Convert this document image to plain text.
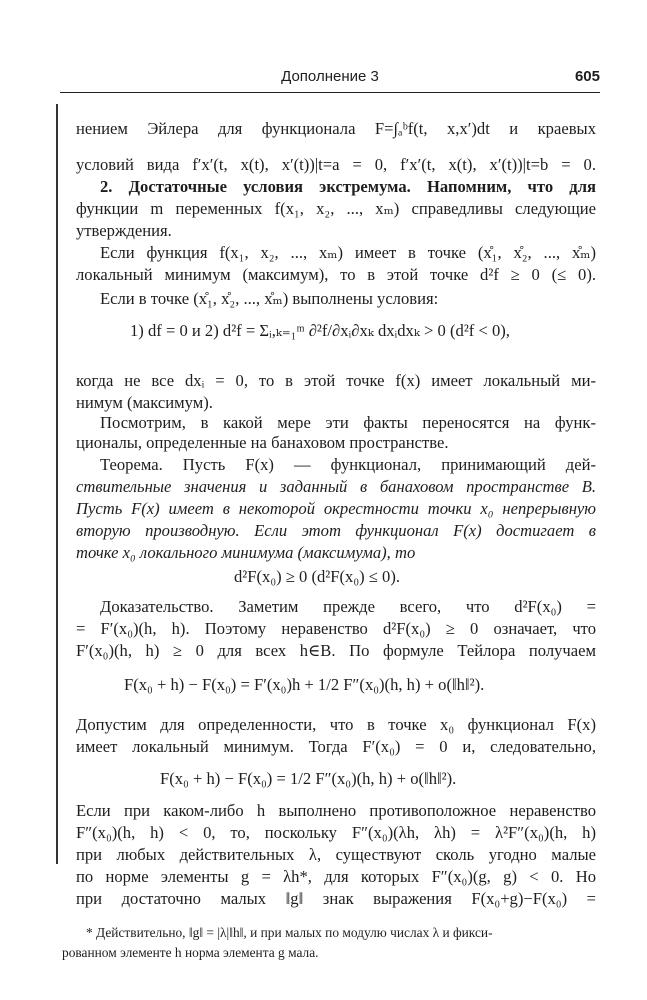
Дополнение 3	605
нением Эйлера для функционала F=∫ₐᵇf(t, x,x′)dt и краевых
условий вида f′x′(t, x(t), x′(t))|t=a = 0, f′x′(t, x(t), x′(t))|t=b = 0.
2. Достаточные условия экстремума. Напомним, что для
функции m переменных f(x₁, x₂, ..., xₘ) справедливы следующие
утверждения.
Если функция f(x₁, x₂, ..., xₘ) имеет в точке (x̊₁, x̊₂, ..., x̊ₘ)
локальный минимум (максимум), то в этой точке d²f ≥ 0 (≤ 0).
Если в точке (x̊₁, x̊₂, ..., x̊ₘ) выполнены условия:
1) df = 0 и 2) d²f = Σᵢ,ₖ₌₁ᵐ ∂²f/∂xᵢ∂xₖ dxᵢdxₖ > 0 (d²f < 0),
когда не все dxᵢ = 0, то в этой точке f(x) имеет локальный ми-
нимум (максимум).
Посмотрим, в какой мере эти факты переносятся на функ-
ционалы, определенные на банаховом пространстве.
Теорема. Пусть F(x) — функционал, принимающий дей-
ствительные значения и заданный в банаховом пространстве B.
Пусть F(x) имеет в некоторой окрестности точки x₀ непрерывную
вторую производную. Если этот функционал F(x) достигает в
точке x₀ локального минимума (максимума), то
d²F(x₀) ≥ 0 (d²F(x₀) ≤ 0).
Доказательство. Заметим прежде всего, что d²F(x₀) =
= F′(x₀)(h, h). Поэтому неравенство d²F(x₀) ≥ 0 означает, что
F′(x₀)(h, h) ≥ 0 для всех h∈B. По формуле Тейлора получаем
F(x₀ + h) − F(x₀) = F′(x₀)h + 1/2 F″(x₀)(h, h) + o(‖h‖²).
Допустим для определенности, что в точке x₀ функционал F(x)
имеет локальный минимум. Тогда F′(x₀) = 0 и, следовательно,
F(x₀ + h) − F(x₀) = 1/2 F″(x₀)(h, h) + o(‖h‖²).
Если при каком-либо h выполнено противоположное неравенство
F″(x₀)(h, h) < 0, то, поскольку F″(x₀)(λh, λh) = λ²F″(x₀)(h, h)
при любых действительных λ, существуют сколь угодно малые
по норме элементы g = λh*, для которых F″(x₀)(g, g) < 0. Но
при достаточно малых ‖g‖ знак выражения F(x₀+g)−F(x₀) =
* Действительно, ‖g‖ = |λ|‖h‖, и при малых по модулю числах λ и фикси-
рованном элементе h норма элемента g мала.
